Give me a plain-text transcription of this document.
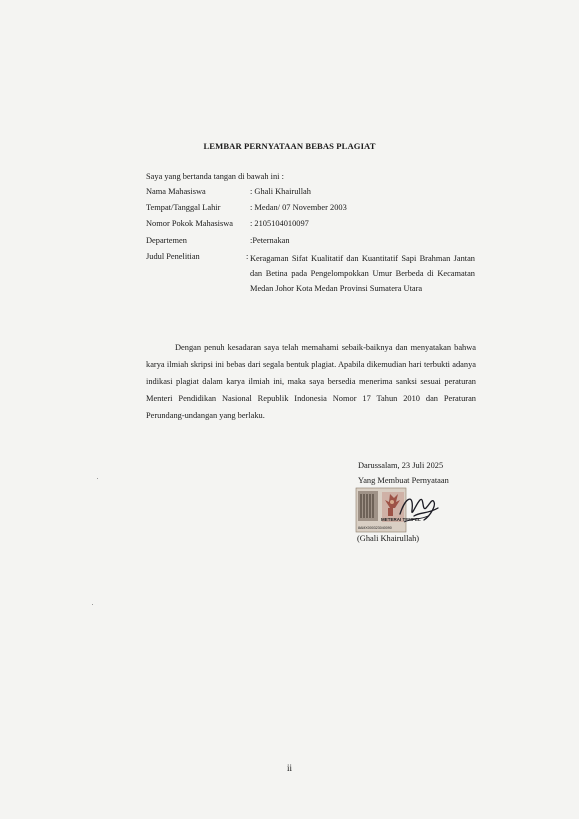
LEMBAR PERNYATAAN BEBAS PLAGIAT
Saya yang bertanda tangan di bawah ini :
Nama Mahasiswa	: Ghali Khairullah
Tempat/Tanggal Lahir	: Medan/ 07 November 2003
Nomor Pokok Mahasiswa : 2105104010097
Departemen	:Peternakan
Judul Penelitian	: Keragaman Sifat Kualitatif dan Kuantitatif Sapi Brahman Jantan dan Betina pada Pengelompokkan Umur Berbeda di Kecamatan Medan Johor Kota Medan Provinsi Sumatera Utara
Dengan penuh kesadaran saya telah memahami sebaik-baiknya dan menyatakan bahwa karya ilmiah skripsi ini bebas dari segala bentuk plagiat. Apabila dikemudian hari terbukti adanya indikasi plagiat dalam karya ilmiah ini, maka saya bersedia menerima sanksi sesuai peraturan Menteri Pendidikan Nasional Republik Indonesia Nomor 17 Tahun 2010 dan Peraturan Perundang-undangan yang berlaku.
Darussalam, 23 Juli 2025
Yang Membuat Pernyataan
METERAI TEMPEL
8AMX000323040090
(Ghali Khairullah)
ii
